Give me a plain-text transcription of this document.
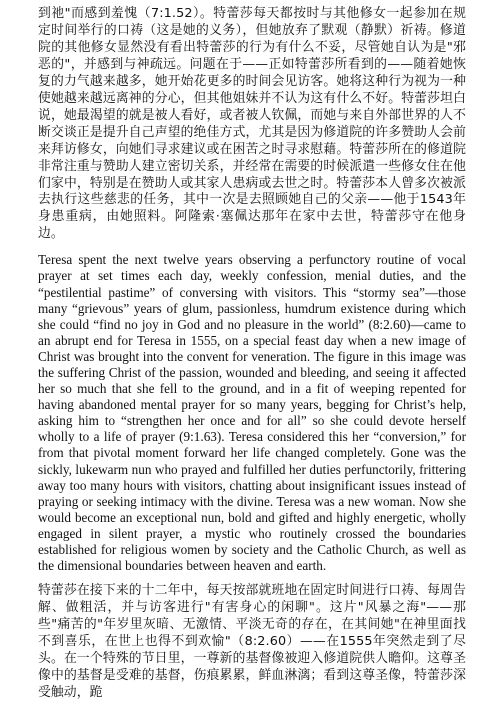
到祂"而感到羞愧（7:1.52）。特蕾莎每天都按时与其他修女一起参加在规定时间举行的口祷（这是她的义务），但她放弃了默观（静默）祈祷。修道院的其他修女显然没有看出特蕾莎的行为有什么不妥，尽管她自认为是"邪恶的"，并感到与神疏远。问题在于——正如特蕾莎所看到的——随着她恢复的力气越来越多，她开始花更多的时间会见访客。她将这种行为视为一种使她越来越远离神的分心，但其他姐妹并不认为这有什么不好。特蕾莎坦白说，她最渴望的就是被人看好，或者被人钦佩，而她与来自外部世界的人不断交谈正是提升自己声望的绝佳方式，尤其是因为修道院的许多赞助人会前来拜访修女，向她们寻求建议或在困苦之时寻求慰藉。特蕾莎所在的修道院非常注重与赞助人建立密切关系，并经常在需要的时候派遣一些修女住在他们家中，特别是在赞助人或其家人患病或去世之时。特蕾莎本人曾多次被派去执行这些慈悲的任务，其中一次是去照顾她自己的父亲——他于1543年身患重病，由她照料。阿隆索·塞佩达那年在家中去世，特蕾莎守在他身边。

Teresa spent the next twelve years observing a perfunctory routine of vocal prayer at set times each day, weekly confession, menial duties, and the “pestilential pastime” of conversing with visitors. This “stormy sea”—those many “grievous” years of glum, passionless, humdrum existence during which she could “find no joy in God and no pleasure in the world” (8:2.60)—came to an abrupt end for Teresa in 1555, on a special feast day when a new image of Christ was brought into the convent for veneration. The figure in this image was the suffering Christ of the passion, wounded and bleeding, and seeing it affected her so much that she fell to the ground, and in a fit of weeping repented for having abandoned mental prayer for so many years, begging for Christ’s help, asking him to “strengthen her once and for all” so she could devote herself wholly to a life of prayer (9:1.63). Teresa considered this her “conversion,” for from that pivotal moment forward her life changed completely. Gone was the sickly, lukewarm nun who prayed and fulfilled her duties perfunctorily, frittering away too many hours with visitors, chatting about insignificant issues instead of praying or seeking intimacy with the divine. Teresa was a new woman. Now she would become an exceptional nun, bold and gifted and highly energetic, wholly engaged in silent prayer, a mystic who routinely crossed the boundaries established for religious women by society and the Catholic Church, as well as the dimensional boundaries between heaven and earth.

特蕾莎在接下来的十二年中，每天按部就班地在固定时间进行口祷、每周告解、做粗活，并与访客进行"有害身心的闲聊"。这片"风暴之海"——那些"痛苦的"年岁里灰暗、无激情、平淡无奇的存在，在其间她"在神里面找不到喜乐，在世上也得不到欢愉"（8:2.60）——在1555年突然走到了尽头。在一个特殊的节日里，一尊新的基督像被迎入修道院供人瞻仰。这尊圣像中的基督是受难的基督，伤痕累累，鲜血淋漓；看到这尊圣像，特蕾莎深受触动，跪
